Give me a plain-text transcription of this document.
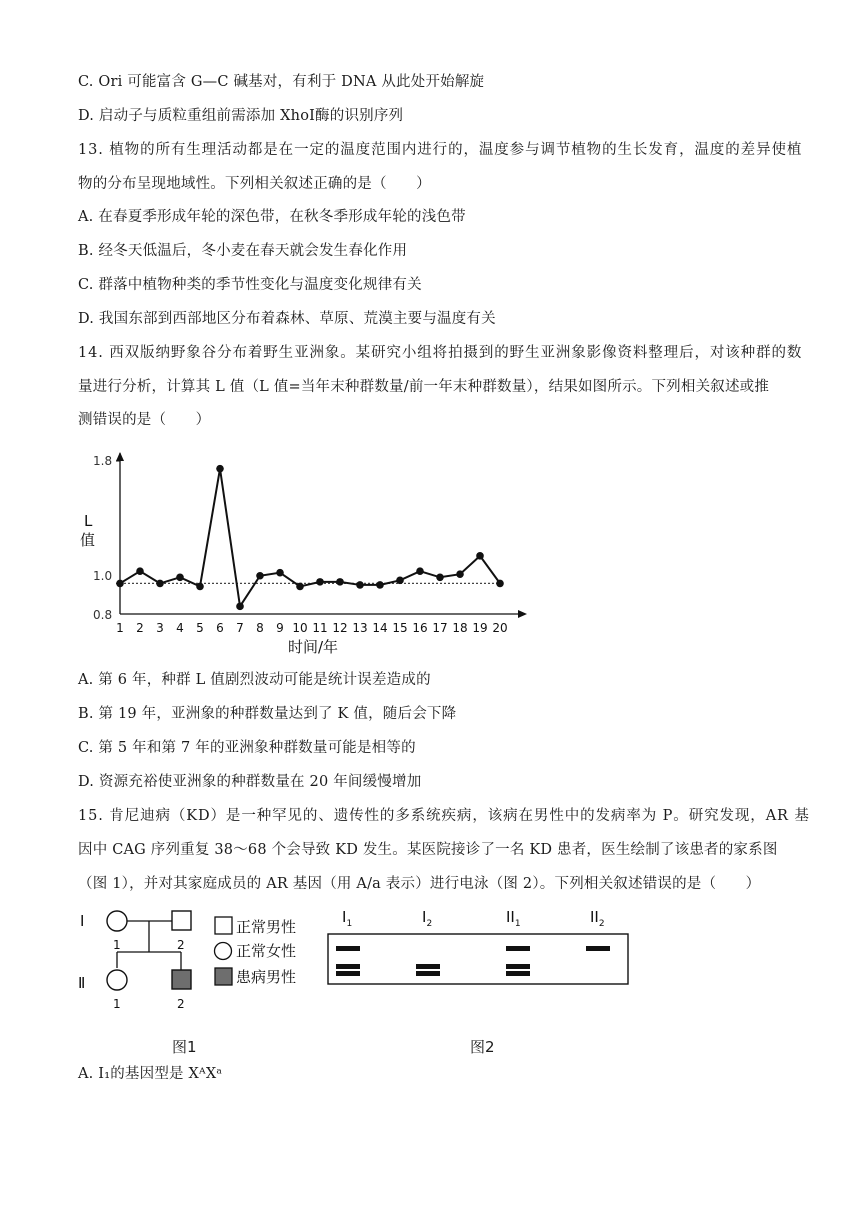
C. Ori 可能富含 G—C 碱基对，有利于 DNA 从此处开始解旋
D. 启动子与质粒重组前需添加 XhoⅠ酶的识别序列
13. 植物的所有生理活动都是在一定的温度范围内进行的，温度参与调节植物的生长发育，温度的差异使植
物的分布呈现地域性。下列相关叙述正确的是（　　）
A. 在春夏季形成年轮的深色带，在秋冬季形成年轮的浅色带
B. 经冬天低温后，冬小麦在春天就会发生春化作用
C. 群落中植物种类的季节性变化与温度变化规律有关
D. 我国东部到西部地区分布着森林、草原、荒漠主要与温度有关
14. 西双版纳野象谷分布着野生亚洲象。某研究小组将拍摄到的野生亚洲象影像资料整理后，对该种群的数
量进行分析，计算其 L 值（L 值=当年末种群数量/前一年末种群数量），结果如图所示。下列相关叙述或推
测错误的是（　　）
1 2 3 4 5 6 7 8 9 10 11 12 13 14 15 16 17 18 19 20
1.8
1.0
0.8
L
值
时间/年
A. 第 6 年，种群 L 值剧烈波动可能是统计误差造成的
B. 第 19 年，亚洲象的种群数量达到了 K 值，随后会下降
C. 第 5 年和第 7 年的亚洲象种群数量可能是相等的
D. 资源充裕使亚洲象的种群数量在 20 年间缓慢增加
15. 肯尼迪病（KD）是一种罕见的、遗传性的多系统疾病，该病在男性中的发病率为 P。研究发现，AR 基
因中 CAG 序列重复 38～68 个会导致 KD 发生。某医院接诊了一名 KD 患者，医生绘制了该患者的家系图
（图 1），并对其家庭成员的 AR 基因（用 A/a 表示）进行电泳（图 2）。下列相关叙述错误的是（　　）
Ⅰ
Ⅱ
1	2
1	2
正常男性
正常女性
患病男性
图1
$I_1$	$I_2$	$II_1$	$II_2$
图2
A. Ⅰ₁的基因型是 XᴬXᵃ
